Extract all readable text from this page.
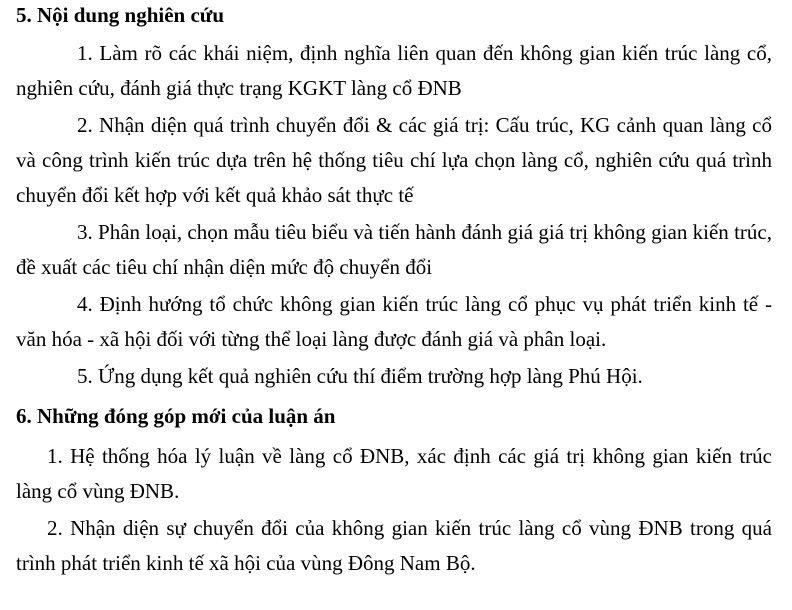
5. Nội dung nghiên cứu

1. Làm rõ các khái niệm, định nghĩa liên quan đến không gian kiến trúc làng cổ, nghiên cứu, đánh giá thực trạng KGKT làng cổ ĐNB

2. Nhận diện quá trình chuyển đổi & các giá trị: Cấu trúc, KG cảnh quan làng cổ và công trình kiến trúc dựa trên hệ thống tiêu chí lựa chọn làng cổ, nghiên cứu quá trình chuyển đổi kết hợp với kết quả khảo sát thực tế

3. Phân loại, chọn mẫu tiêu biểu và tiến hành đánh giá giá trị không gian kiến trúc, đề xuất các tiêu chí nhận diện mức độ chuyển đổi

4. Định hướng tổ chức không gian kiến trúc làng cổ phục vụ phát triển kinh tế - văn hóa - xã hội đối với từng thể loại làng được đánh giá và phân loại.

5. Ứng dụng kết quả nghiên cứu thí điểm trường hợp làng Phú Hội.

6. Những đóng góp mới của luận án

1. Hệ thống hóa lý luận về làng cổ ĐNB, xác định các giá trị không gian kiến trúc làng cổ vùng ĐNB.

2. Nhận diện sự chuyển đổi của không gian kiến trúc làng cổ vùng ĐNB trong quá trình phát triển kinh tế xã hội của vùng Đông Nam Bộ.
